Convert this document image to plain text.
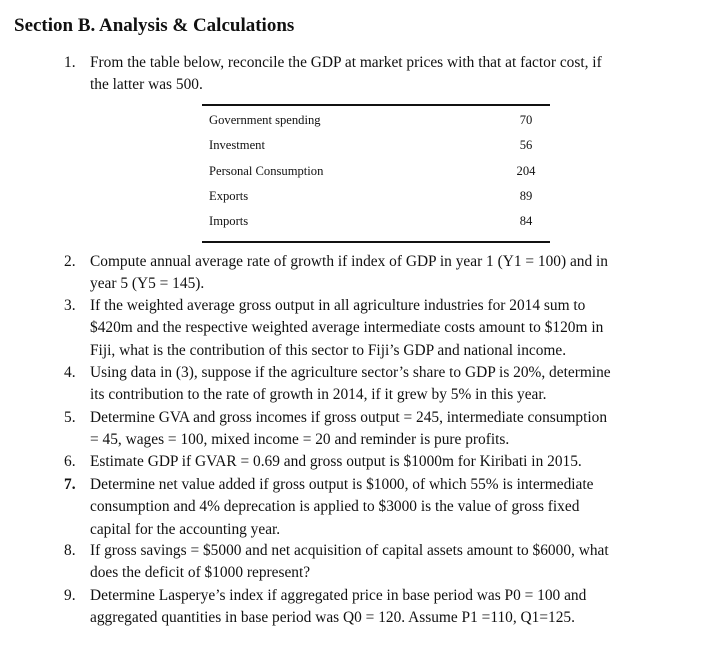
Section B. Analysis & Calculations
1. From the table below, reconcile the GDP at market prices with that at factor cost, if
the latter was 500.
Government spending	70
Investment	56
Personal Consumption	204
Exports	89
Imports	84
2. Compute annual average rate of growth if index of GDP in year 1 (Y1 = 100) and in
year 5 (Y5 = 145).
3. If the weighted average gross output in all agriculture industries for 2014 sum to
$420m and the respective weighted average intermediate costs amount to $120m in
Fiji, what is the contribution of this sector to Fiji’s GDP and national income.
4. Using data in (3), suppose if the agriculture sector’s share to GDP is 20%, determine
its contribution to the rate of growth in 2014, if it grew by 5% in this year.
5. Determine GVA and gross incomes if gross output = 245, intermediate consumption
= 45, wages = 100, mixed income = 20 and reminder is pure profits.
6. Estimate GDP if GVAR = 0.69 and gross output is $1000m for Kiribati in 2015.
7. Determine net value added if gross output is $1000, of which 55% is intermediate
consumption and 4% deprecation is applied to $3000 is the value of gross fixed
capital for the accounting year.
8. If gross savings = $5000 and net acquisition of capital assets amount to $6000, what
does the deficit of $1000 represent?
9. Determine Lasperye’s index if aggregated price in base period was P0 = 100 and
aggregated quantities in base period was Q0 = 120. Assume P1 =110, Q1=125.
